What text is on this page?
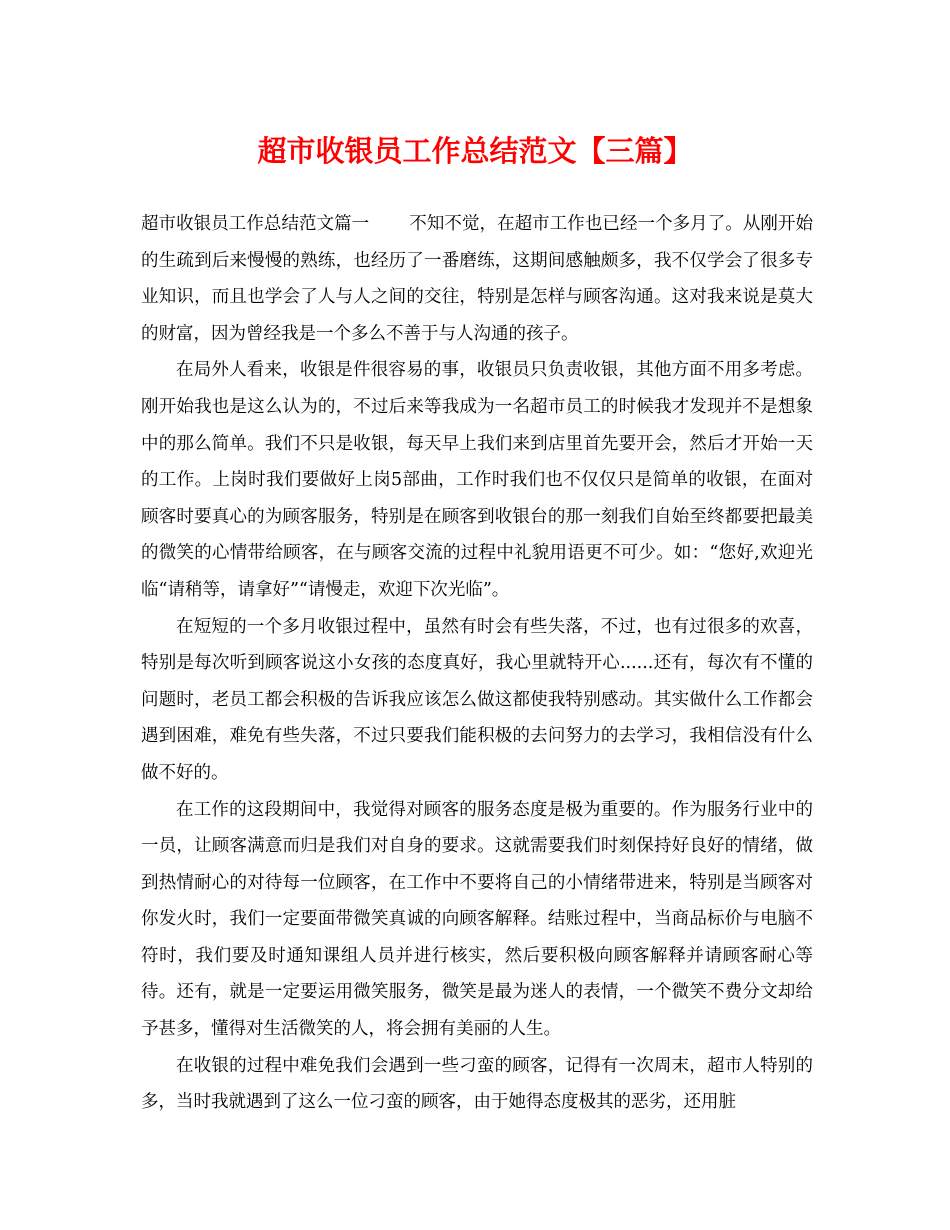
超市收银员工作总结范文【三篇】

超市收银员工作总结范文篇一 不知不觉，在超市工作也已经一个多月了。从刚开始的生疏到后来慢慢的熟练，也经历了一番磨练，这期间感触颇多，我不仅学会了很多专业知识，而且也学会了人与人之间的交往，特别是怎样与顾客沟通。这对我来说是莫大的财富，因为曾经我是一个多么不善于与人沟通的孩子。

在局外人看来，收银是件很容易的事，收银员只负责收银，其他方面不用多考虑。刚开始我也是这么认为的，不过后来等我成为一名超市员工的时候我才发现并不是想象中的那么简单。我们不只是收银，每天早上我们来到店里首先要开会，然后才开始一天的工作。上岗时我们要做好上岗5部曲，工作时我们也不仅仅只是简单的收银，在面对顾客时要真心的为顾客服务，特别是在顾客到收银台的那一刻我们自始至终都要把最美的微笑的心情带给顾客，在与顾客交流的过程中礼貌用语更不可少。如：“您好,欢迎光临“请稍等，请拿好”“请慢走，欢迎下次光临”。

在短短的一个多月收银过程中，虽然有时会有些失落，不过，也有过很多的欢喜，特别是每次听到顾客说这小女孩的态度真好，我心里就特开心......还有，每次有不懂的问题时，老员工都会积极的告诉我应该怎么做这都使我特别感动。其实做什么工作都会遇到困难，难免有些失落，不过只要我们能积极的去问努力的去学习，我相信没有什么做不好的。

在工作的这段期间中，我觉得对顾客的服务态度是极为重要的。作为服务行业中的一员，让顾客满意而归是我们对自身的要求。这就需要我们时刻保持好良好的情绪，做到热情耐心的对待每一位顾客，在工作中不要将自己的小情绪带进来，特别是当顾客对你发火时，我们一定要面带微笑真诚的向顾客解释。结账过程中，当商品标价与电脑不符时，我们要及时通知课组人员并进行核实，然后要积极向顾客解释并请顾客耐心等待。还有，就是一定要运用微笑服务，微笑是最为迷人的表情，一个微笑不费分文却给予甚多，懂得对生活微笑的人，将会拥有美丽的人生。

在收银的过程中难免我们会遇到一些刁蛮的顾客，记得有一次周末，超市人特别的多，当时我就遇到了这么一位刁蛮的顾客，由于她得态度极其的恶劣，还用脏
